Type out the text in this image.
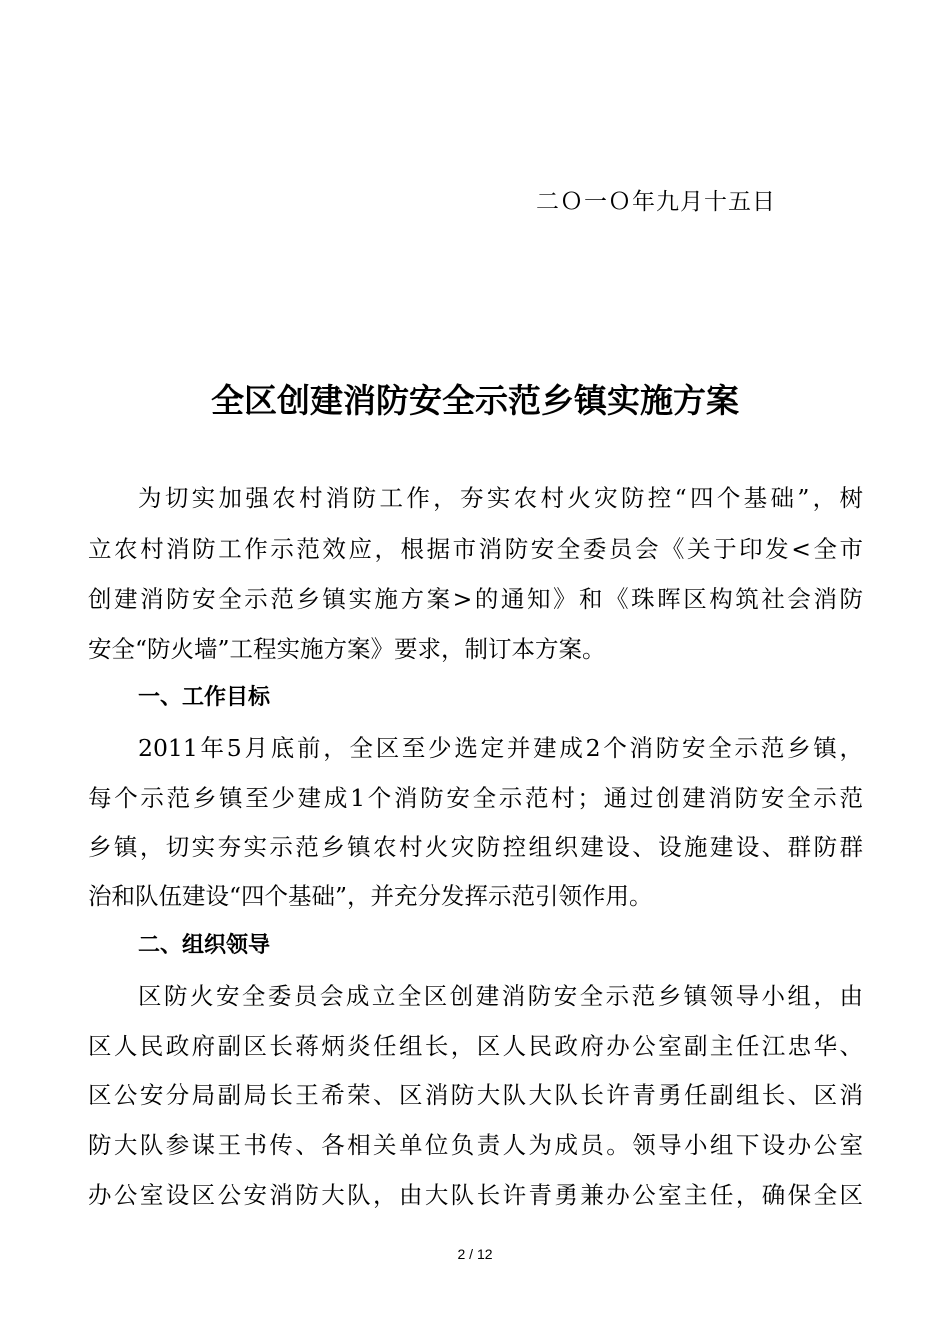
二Ｏ一Ｏ年九月十五日
全区创建消防安全示范乡镇实施方案
为切实加强农村消防工作，夯实农村火灾防控“四个基础”，树
立农村消防工作示范效应，根据市消防安全委员会《关于印发<全市
创建消防安全示范乡镇实施方案>的通知》和《珠晖区构筑社会消防
安全“防火墙”工程实施方案》要求，制订本方案。
一、工作目标
2011年5月底前，全区至少选定并建成2个消防安全示范乡镇，
每个示范乡镇至少建成1个消防安全示范村；通过创建消防安全示范
乡镇，切实夯实示范乡镇农村火灾防控组织建设、设施建设、群防群
治和队伍建设“四个基础”，并充分发挥示范引领作用。
二、组织领导
区防火安全委员会成立全区创建消防安全示范乡镇领导小组，由
区人民政府副区长蒋炳炎任组长，区人民政府办公室副主任江忠华、
区公安分局副局长王希荣、区消防大队大队长许青勇任副组长、区消
防大队参谋王书传、各相关单位负责人为成员。领导小组下设办公室
办公室设区公安消防大队，由大队长许青勇兼办公室主任，确保全区
2 / 12
